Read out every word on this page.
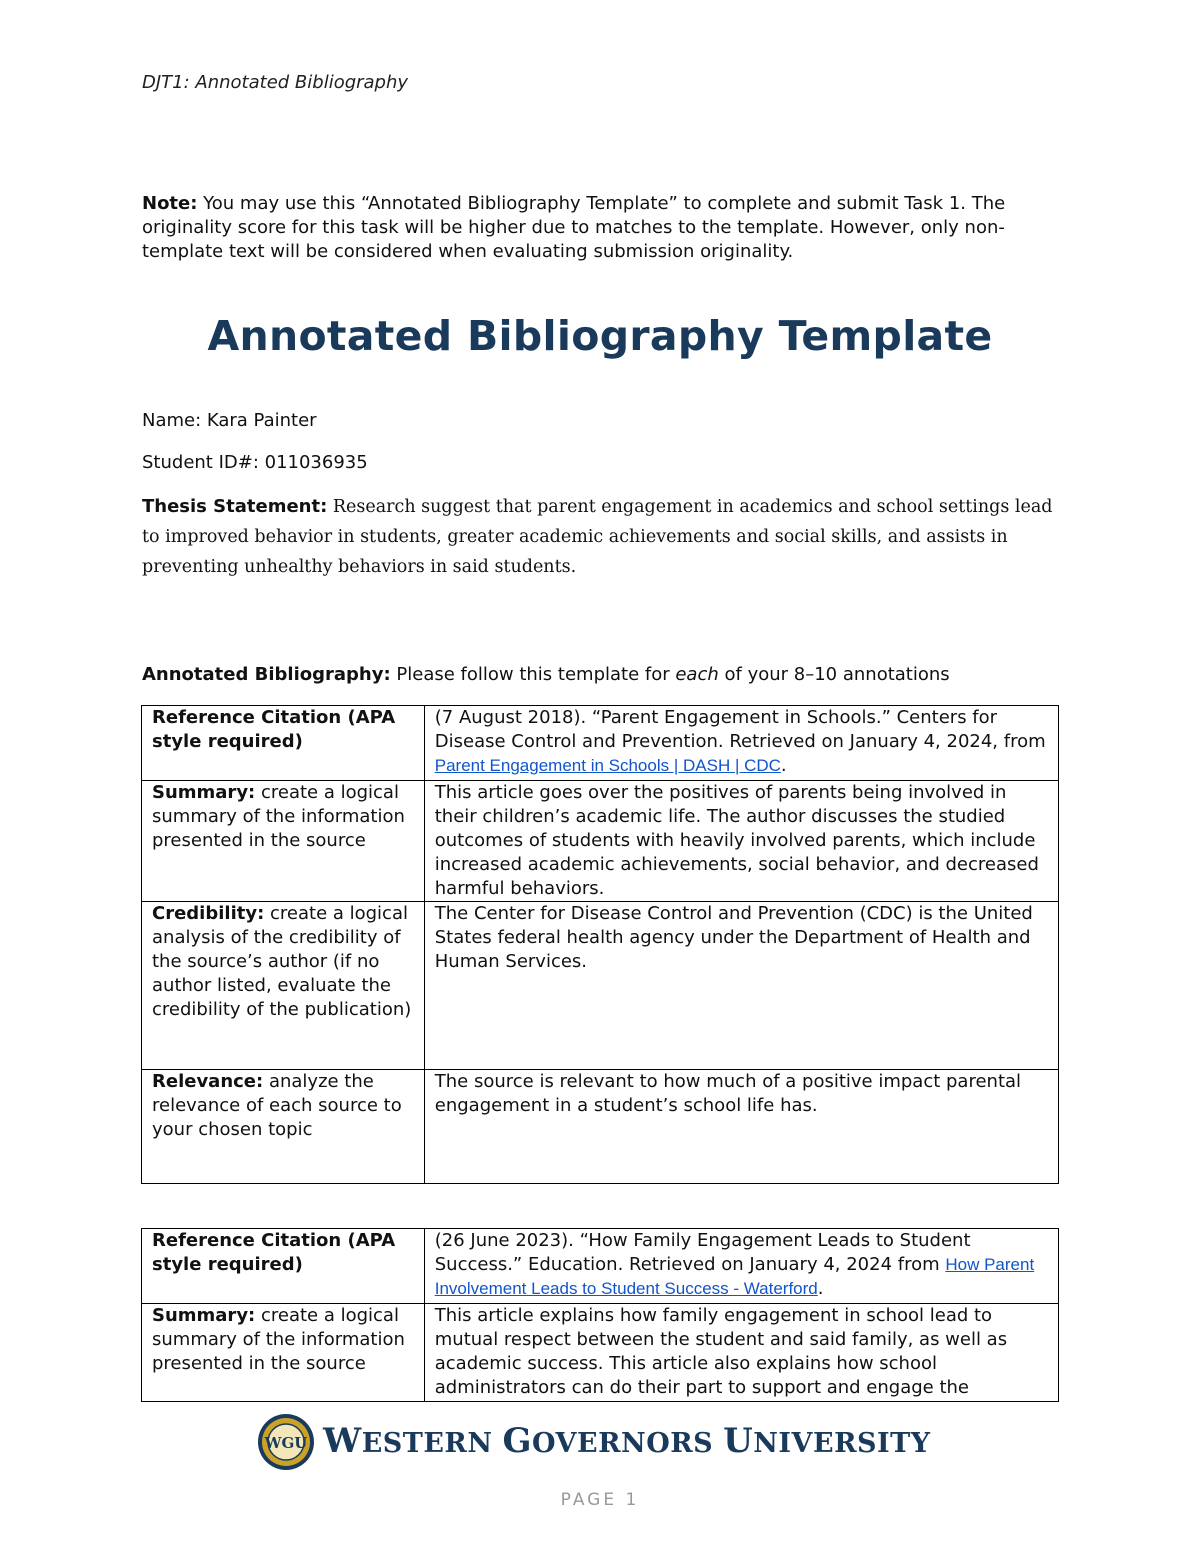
DJT1: Annotated Bibliography
Note: You may use this “Annotated Bibliography Template” to complete and submit Task 1. The originality score for this task will be higher due to matches to the template. However, only non-template text will be considered when evaluating submission originality.
Annotated Bibliography Template
Name: Kara Painter
Student ID#: 011036935
Thesis Statement: Research suggest that parent engagement in academics and school settings lead to improved behavior in students, greater academic achievements and social skills, and assists in preventing unhealthy behaviors in said students.
Annotated Bibliography: Please follow this template for each of your 8–10 annotations
Reference Citation (APA style required)	(7 August 2018). “Parent Engagement in Schools.” Centers for Disease Control and Prevention. Retrieved on January 4, 2024, from Parent Engagement in Schools | DASH | CDC.
Summary: create a logical summary of the information presented in the source	This article goes over the positives of parents being involved in their children’s academic life. The author discusses the studied outcomes of students with heavily involved parents, which include increased academic achievements, social behavior, and decreased harmful behaviors.
Credibility: create a logical analysis of the credibility of the source’s author (if no author listed, evaluate the credibility of the publication)	The Center for Disease Control and Prevention (CDC) is the United States federal health agency under the Department of Health and Human Services.
Relevance: analyze the relevance of each source to your chosen topic	The source is relevant to how much of a positive impact parental engagement in a student’s school life has.
Reference Citation (APA style required)	(26 June 2023). “How Family Engagement Leads to Student Success.” Education. Retrieved on January 4, 2024 from How Parent Involvement Leads to Student Success - Waterford.
Summary: create a logical summary of the information presented in the source	This article explains how family engagement in school lead to mutual respect between the student and said family, as well as academic success. This article also explains how school administrators can do their part to support and engage the
WGU WESTERN GOVERNORS UNIVERSITY
PAGE 1
